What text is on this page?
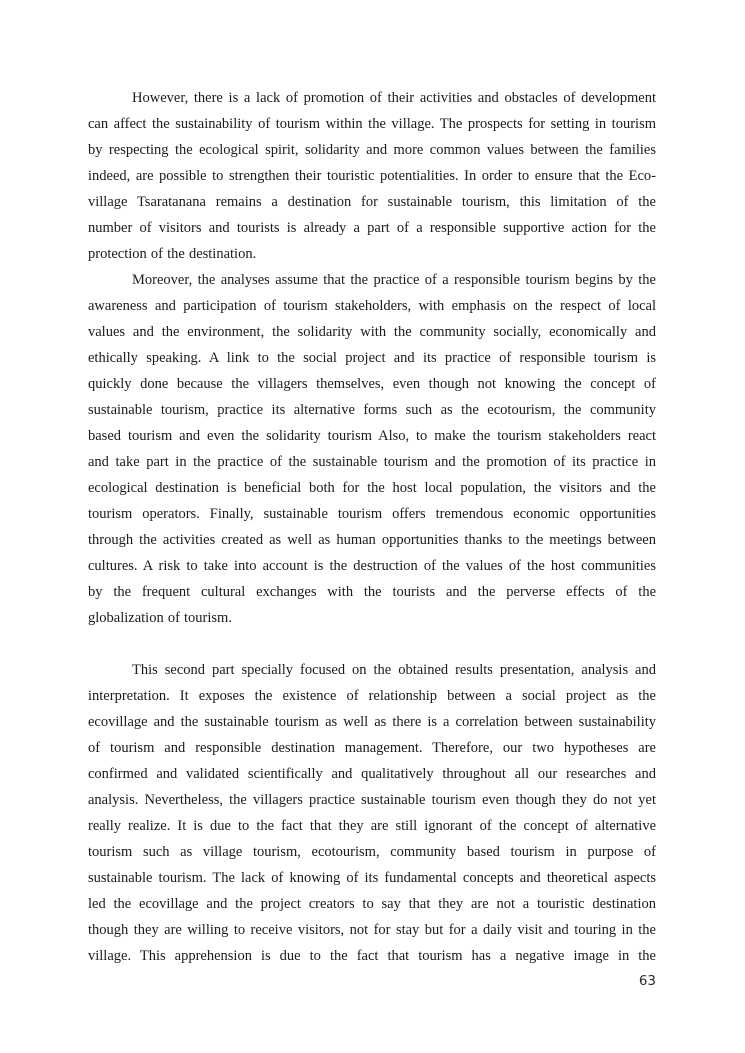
However, there is a lack of promotion of their activities and obstacles of development
can affect the sustainability of tourism within the village. The prospects for setting in tourism
by respecting the ecological spirit, solidarity and more common values between the families
indeed, are possible to strengthen their touristic potentialities. In order to ensure that the Eco-
village Tsaratanana remains a destination for sustainable tourism, this limitation of the
number of visitors and tourists is already a part of a responsible supportive action for the
protection of the destination.
Moreover, the analyses assume that the practice of a responsible tourism begins by the
awareness and participation of tourism stakeholders, with emphasis on the respect of local
values and the environment, the solidarity with the community socially, economically and
ethically speaking. A link to the social project and its practice of responsible tourism is
quickly done because the villagers themselves, even though not knowing the concept of
sustainable tourism, practice its alternative forms such as the ecotourism, the community
based tourism and even the solidarity tourism Also, to make the tourism stakeholders react
and take part in the practice of the sustainable tourism and the promotion of its practice in
ecological destination is beneficial both for the host local population, the visitors and the
tourism operators. Finally, sustainable tourism offers tremendous economic opportunities
through the activities created as well as human opportunities thanks to the meetings between
cultures. A risk to take into account is the destruction of the values of the host communities
by the frequent cultural exchanges with the tourists and the perverse effects of the
globalization of tourism.
This second part specially focused on the obtained results presentation, analysis and
interpretation. It exposes the existence of relationship between a social project as the
ecovillage and the sustainable tourism as well as there is a correlation between sustainability
of tourism and responsible destination management. Therefore, our two hypotheses are
confirmed and validated scientifically and qualitatively throughout all our researches and
analysis. Nevertheless, the villagers practice sustainable tourism even though they do not yet
really realize. It is due to the fact that they are still ignorant of the concept of alternative
tourism such as village tourism, ecotourism, community based tourism in purpose of
sustainable tourism. The lack of knowing of its fundamental concepts and theoretical aspects
led the ecovillage and the project creators to say that they are not a touristic destination
though they are willing to receive visitors, not for stay but for a daily visit and touring in the
village. This apprehension is due to the fact that tourism has a negative image in the
63
